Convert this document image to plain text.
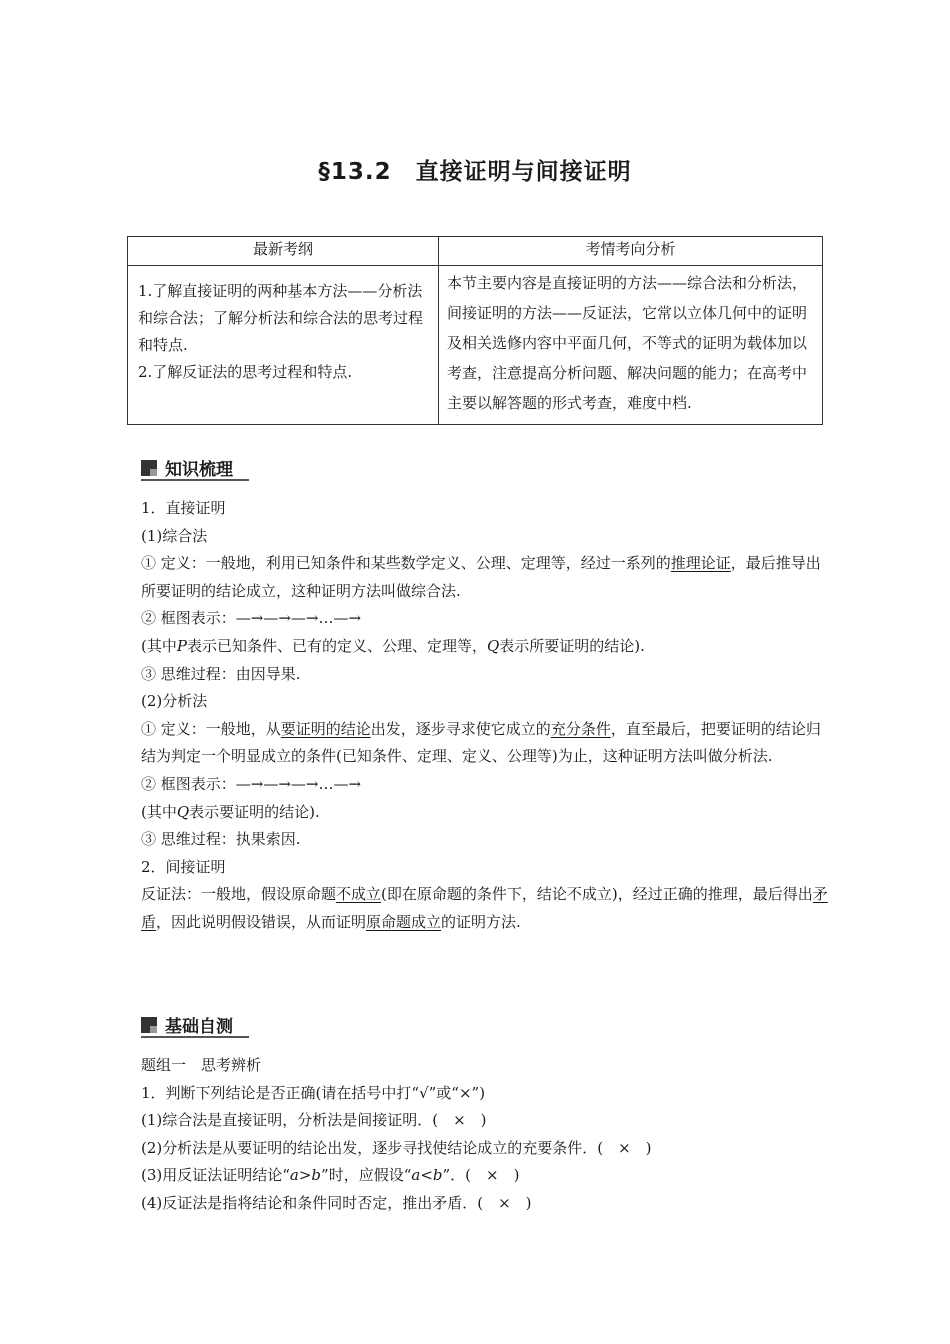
§13.2　直接证明与间接证明
最新考纲	考情考向分析

1.了解直接证明的两种基本方法——分析法和综合法；了解分析法和综合法的思考过程和特点.
2.了解反证法的思考过程和特点.	本节主要内容是直接证明的方法——综合法和分析法，间接证明的方法——反证法，它常以立体几何中的证明及相关选修内容中平面几何，不等式的证明为载体加以考查，注意提高分析问题、解决问题的能力；在高考中主要以解答题的形式考查，难度中档.
知识梳理

1．直接证明

(1)综合法

① 定义：一般地，利用已知条件和某些数学定义、公理、定理等，经过一系列的推理论证，最后推导出所要证明的结论成立，这种证明方法叫做综合法.

② 框图表示：—→—→—→…—→

(其中P表示已知条件、已有的定义、公理、定理等，Q表示所要证明的结论).

③ 思维过程：由因导果.

(2)分析法

① 定义：一般地，从要证明的结论出发，逐步寻求使它成立的充分条件，直至最后，把要证明的结论归结为判定一个明显成立的条件(已知条件、定理、定义、公理等)为止，这种证明方法叫做分析法.

② 框图表示：—→—→—→…—→

(其中Q表示要证明的结论).

③ 思维过程：执果索因.

2．间接证明

反证法：一般地，假设原命题不成立(即在原命题的条件下，结论不成立)，经过正确的推理，最后得出矛盾，因此说明假设错误，从而证明原命题成立的证明方法.

基础自测

题组一　思考辨析

1．判断下列结论是否正确(请在括号中打“√”或“×”)

(1)综合法是直接证明，分析法是间接证明．(　×　)

(2)分析法是从要证明的结论出发，逐步寻找使结论成立的充要条件．(　×　)

(3)用反证法证明结论“a>b”时，应假设“a<b”．(　×　)

(4)反证法是指将结论和条件同时否定，推出矛盾．(　×　)
